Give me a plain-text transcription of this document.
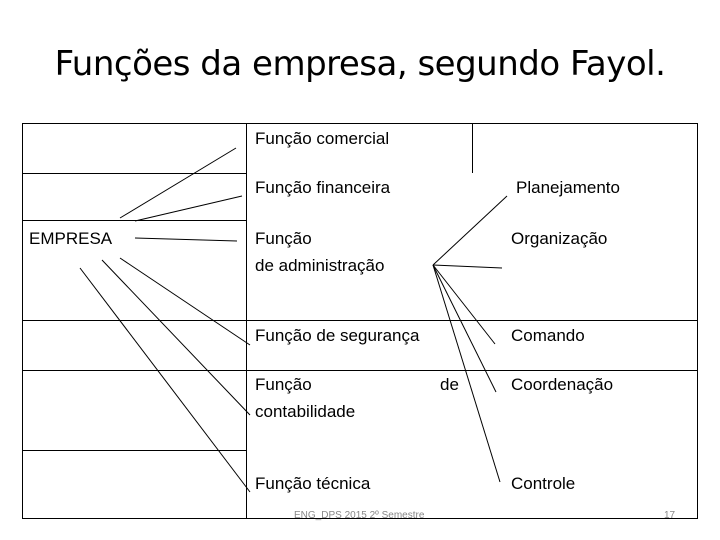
Funções da empresa, segundo Fayol.
EMPRESA
Função comercial
Função financeira
Função
de administração
Função de segurança
Função	de
contabilidade
Função técnica
Planejamento
Organização
Comando
Coordenação
Controle
ENG_DPS 2015 2º Semestre	17
